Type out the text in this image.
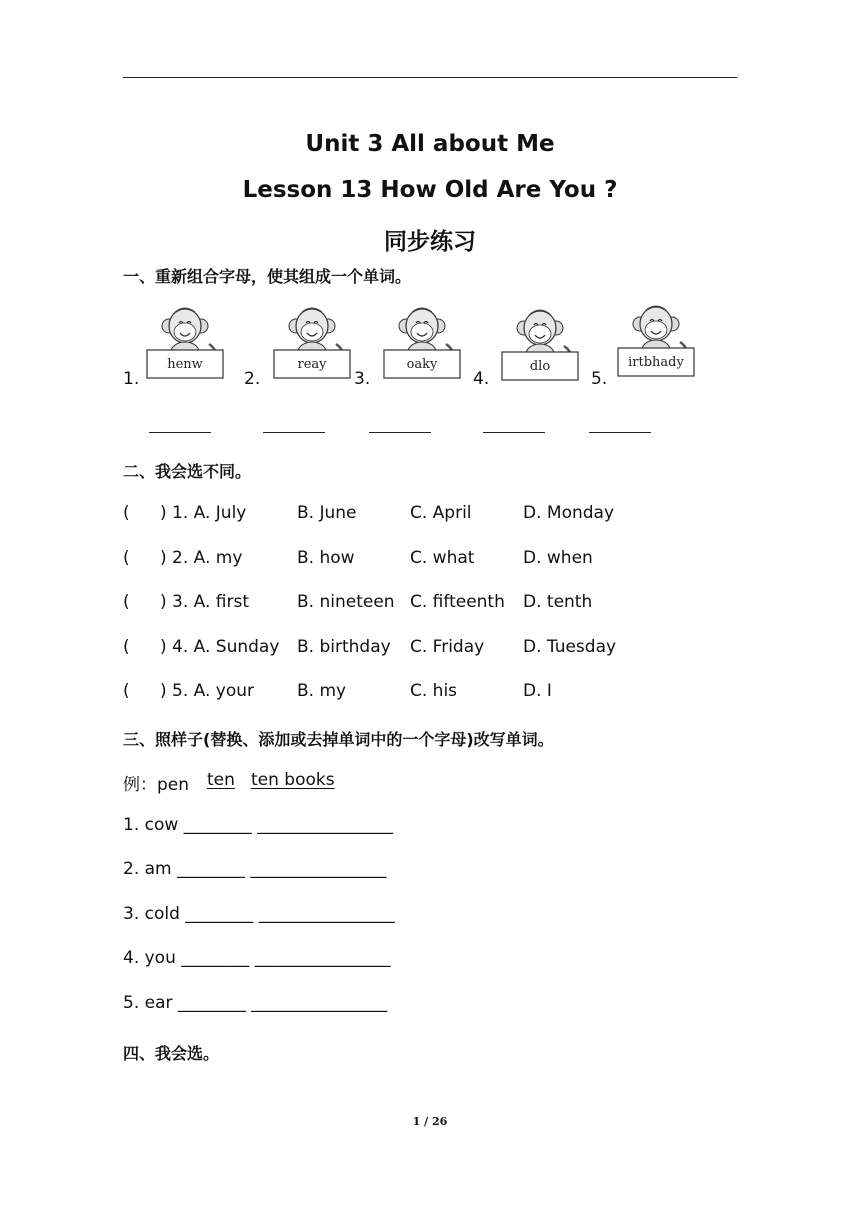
Unit 3 All about Me
Lesson 13 How Old Are You ?
同步练习
一、重新组合字母，使其组成一个单词。
1.	2.	3.	4.	5.
henw	reay	oaky	dlo	irtbhady
二、我会选不同。
( ) 1. A. July	B. June	C. April	D. Monday
( ) 2. A. my	B. how	C. what	D. when
( ) 3. A. first	B. nineteen C. fifteenth D. tenth
( ) 4. A. Sunday B. birthday C. Friday D. Tuesday
( ) 5. A. your	B. my	C. his	D. I
三、照样子(替换、添加或去掉单词中的一个字母)改写单词。
例：pen ten ten books
1. cow ________ ________________
2. am ________ ________________
3. cold ________ ________________
4. you ________ ________________
5. ear ________ ________________
四、我会选。
1 / 26
